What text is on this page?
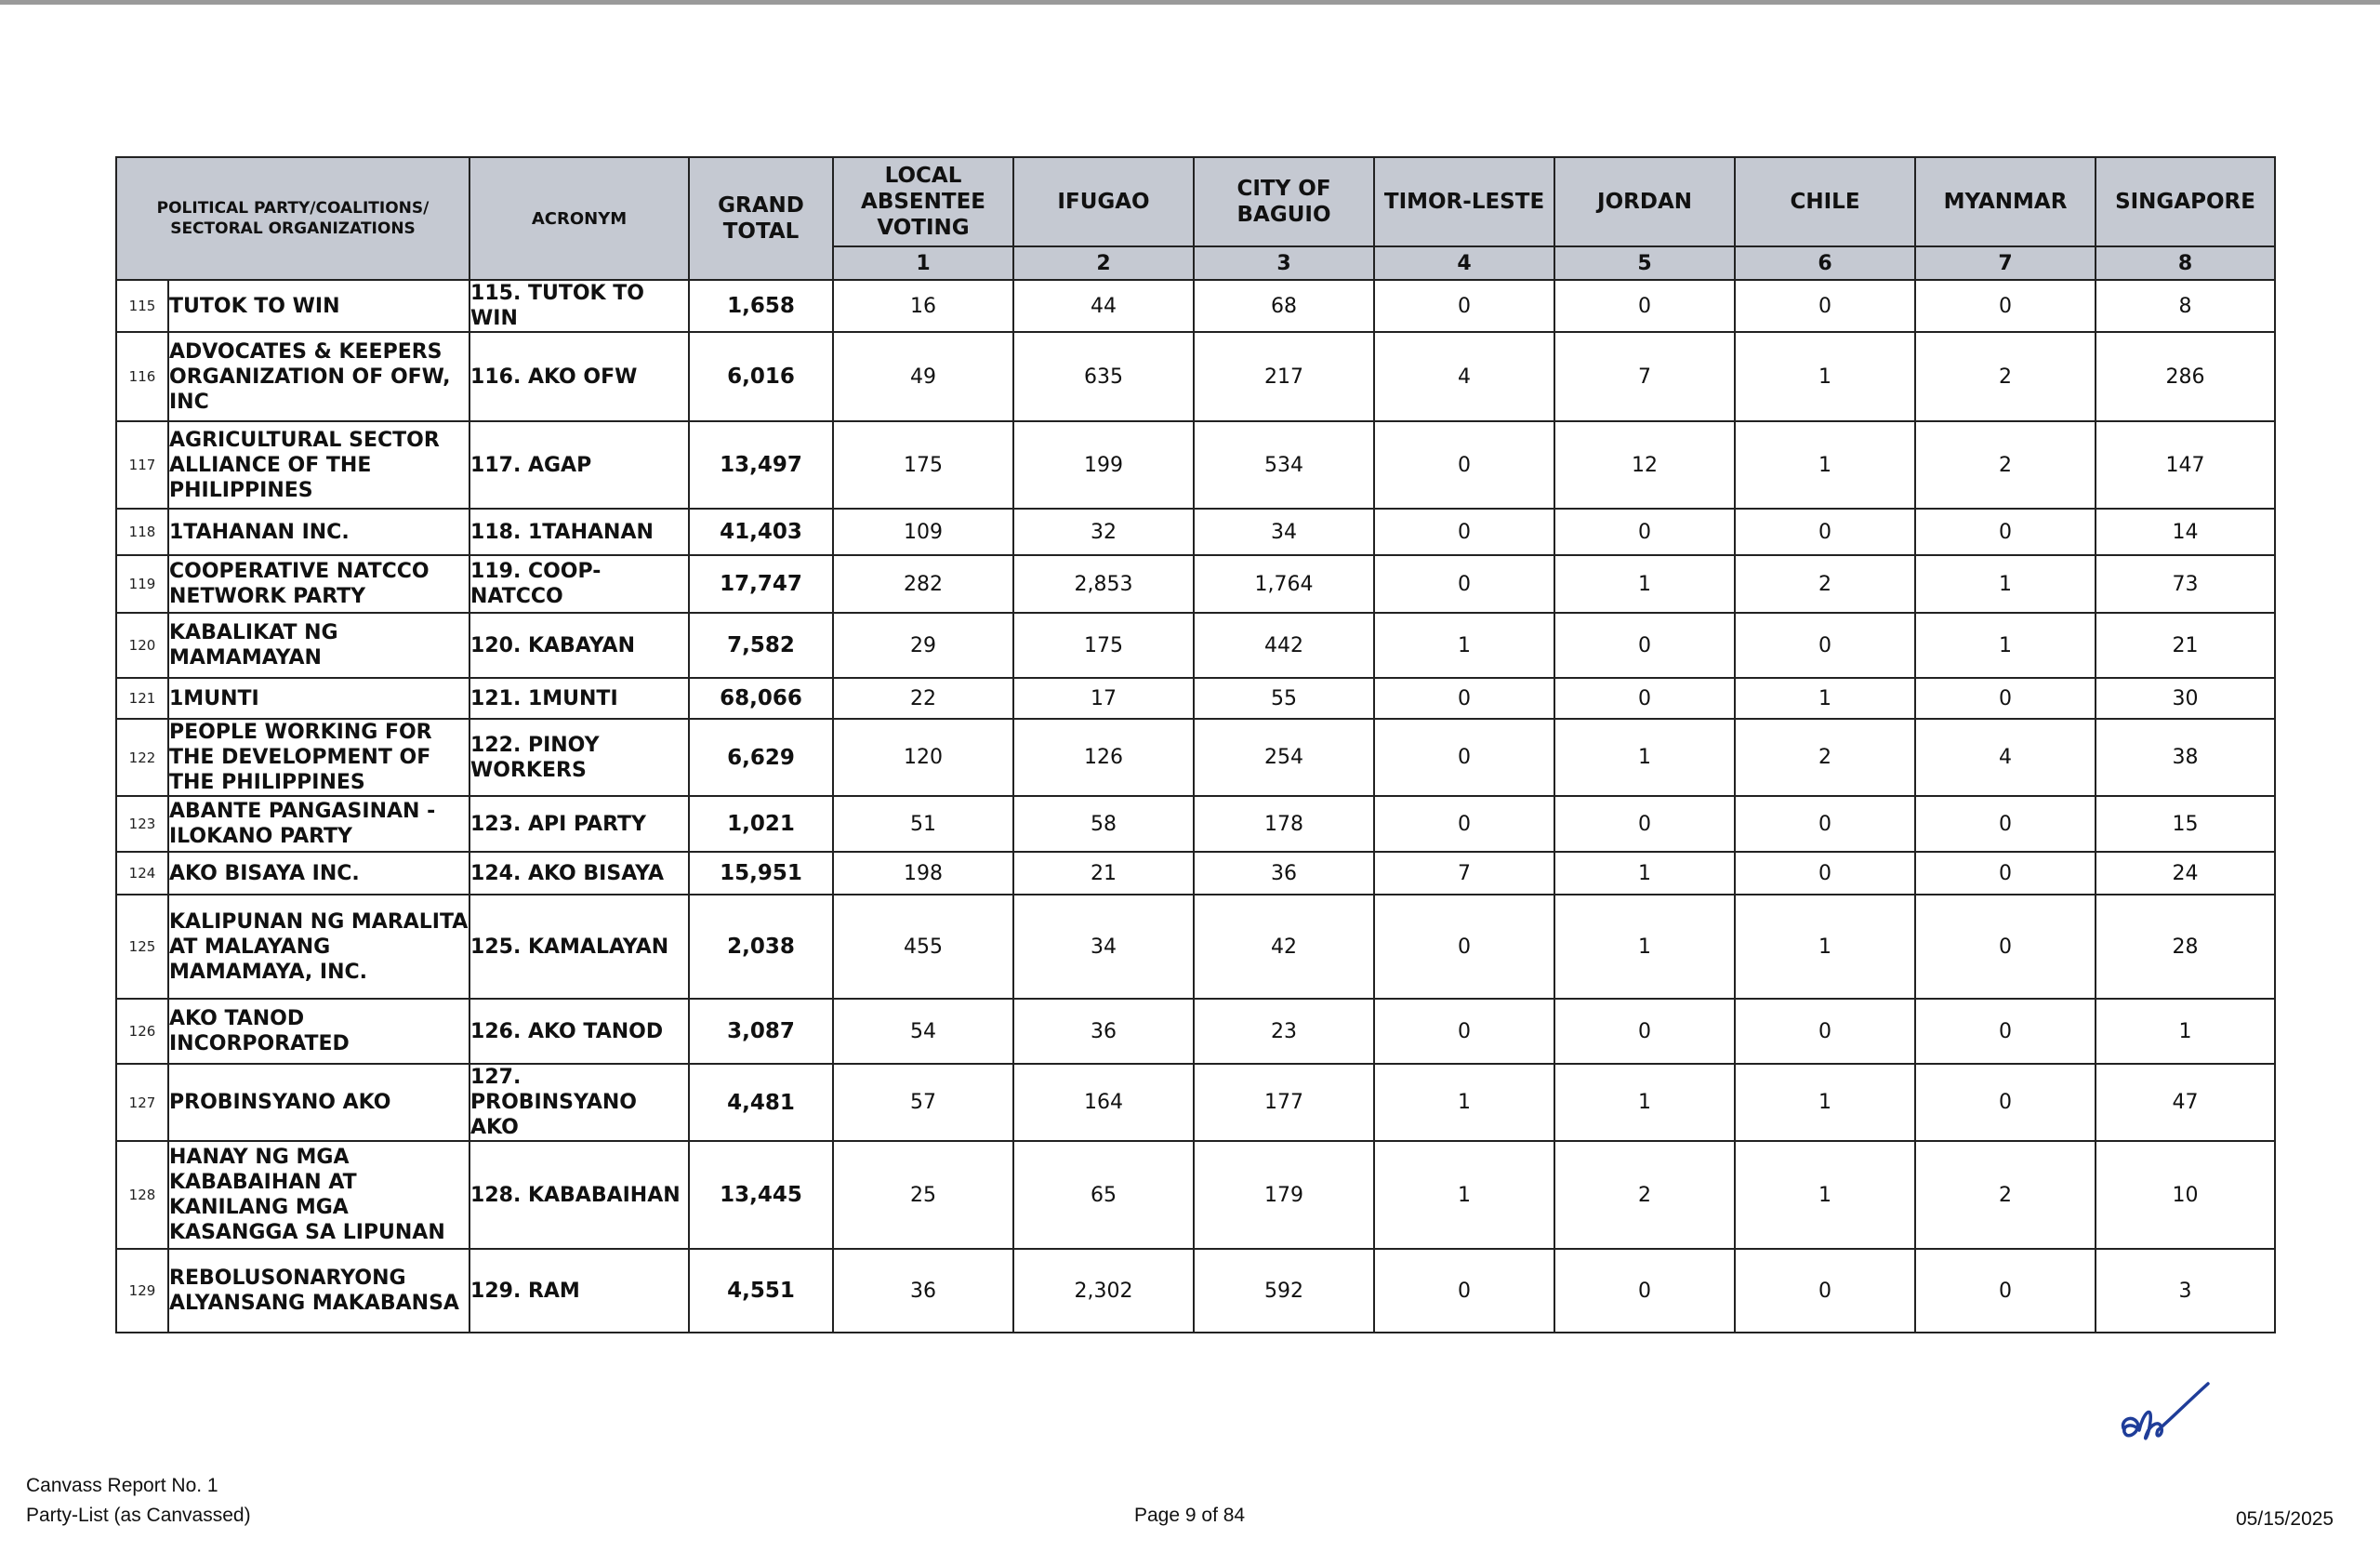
POLITICAL PARTY/COALITIONS/ SECTORAL ORGANIZATIONS		ACRONYM	GRAND TOTAL	LOCAL ABSENTEE VOTING	IFUGAO	CITY OF BAGUIO	TIMOR-LESTE	JORDAN	CHILE	MYANMAR	SINGAPORE
				1	2	3	4	5	6	7	8
115	TUTOK TO WIN	115. TUTOK TO WIN	1,658	16	44	68	0	0	0	0	8
116	ADVOCATES & KEEPERS ORGANIZATION OF OFW, INC	116. AKO OFW	6,016	49	635	217	4	7	1	2	286
117	AGRICULTURAL SECTOR ALLIANCE OF THE PHILIPPINES	117. AGAP	13,497	175	199	534	0	12	1	2	147
118	1TAHANAN INC.	118. 1TAHANAN	41,403	109	32	34	0	0	0	0	14
119	COOPERATIVE NATCCO NETWORK PARTY	119. COOP-NATCCO	17,747	282	2,853	1,764	0	1	2	1	73
120	KABALIKAT NG MAMAMAYAN	120. KABAYAN	7,582	29	175	442	1	0	0	1	21
121	1MUNTI	121. 1MUNTI	68,066	22	17	55	0	0	1	0	30
122	PEOPLE WORKING FOR THE DEVELOPMENT OF THE PHILIPPINES	122. PINOY WORKERS	6,629	120	126	254	0	1	2	4	38
123	ABANTE PANGASINAN - ILOKANO PARTY	123. API PARTY	1,021	51	58	178	0	0	0	0	15
124	AKO BISAYA INC.	124. AKO BISAYA	15,951	198	21	36	7	1	0	0	24
125	KALIPUNAN NG MARALITA AT MALAYANG MAMAMAYA, INC.	125. KAMALAYAN	2,038	455	34	42	0	1	1	0	28
126	AKO TANOD INCORPORATED	126. AKO TANOD	3,087	54	36	23	0	0	0	0	1
127	PROBINSYANO AKO	127. PROBINSYANO AKO	4,481	57	164	177	1	1	1	0	47
128	HANAY NG MGA KABABAIHAN AT KANILANG MGA KASANGGA SA LIPUNAN	128. KABABAIHAN	13,445	25	65	179	1	2	1	2	10
129	REBOLUSONARYONG ALYANSANG MAKABANSA	129. RAM	4,551	36	2,302	592	0	0	0	0	3
Canvass Report No. 1
Party-List (as Canvassed)	Page 9 of 84	05/15/2025
